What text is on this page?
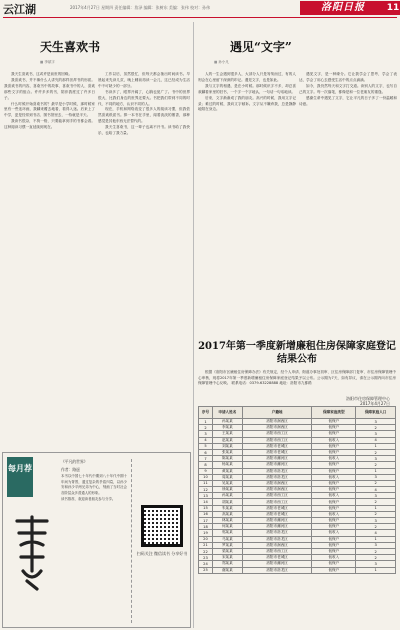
云江湖	2017年4月27日 星期四 责任编辑：詹泽 编辑：张树东 美编：张伟 校对：孙伟	洛阳日报	11
天生喜欢书
■ 李斌宇

我天生喜欢书，这或许是前世的因缘。

我喜欢书，并不像什么人讲究的那样崇拜书的形质。我喜欢书的内容，喜欢书中的故事、喜欢书中的人、喜欢那些文字的组合。许许多多的书，陪伴我度过了许多日子。

什么时候开始喜欢书的？最早是小学时候，那时候家里有一些连环画，我翻来覆去地看，看得入迷。后来上了中学，更是经常到书店、图书馆里去，一待就是半天。

我读书很杂，不拘一格，只要能拿到手的书都会看。这种阅读习惯一直延续到现在。

工作以后，虽然很忙，但每天都会抽出时间读书。早晨起来先读几页，晚上睡前再读一会儿，这已经成为生活中不可缺少的一部分。

书读多了，眼界开阔了，心胸也宽广了。书中的世界很大，比我们身边的世界还要大。书把我们带到不同的时代、不同的地方，认识不同的人。

现在，手机和网络改变了很多人的阅读习惯，但我依然喜欢纸质书。捧一本书在手里，闻着淡淡的墨香，那种感觉是其他东西无法替代的。

我天生喜欢书，这一辈子也离不开书。读书给了我快乐，也给了我力量。

遇见“文字”
■ 孙小凡

人的一生会遇到很多人，大部分人只是匆匆而过，有的人则会在心里留下深深的印记。遇见文字，也是如此。

我与文字的相遇，是在小时候。那时候识字不多，却总喜欢翻看家里的旧书，一个字一个字地认，一句话一句话地读。

后来，文字渐渐成了我的朋友。高兴的时候，我用文字记录；难过的时候，我向文字倾诉。文字从不嫌弃我，总是静静地陪在身边。

遇见文字，是一种缘分。它让我学会了思考，学会了表达，学会了用心去感受生活中的点点滴滴。

如今，我仍然每天和文字打交道。读别人的文字，也写自己的文字。每一次落笔，都像是和一位老朋友的重逢。

感谢生命中遇见了文字，它让平凡的日子多了一份温暖和诗意。

每月荐

《平凡的世界》

作者：路遥

本书以中国七十年代中期到八十年代中期十年间为背景，通过复杂的矛盾纠葛，以孙少安和孙少平两兄弟为中心，刻画了当时社会各阶层众多普通人的形象。

读书推荐，欢迎读者朋友参与分享。

扫码关注 微信读书 分享好书
2017年第一季度新增廉租住房保障家庭登记结果公布
根据《洛阳市区廉租住房保障办法》有关规定，经个人申请、街道办事处初审、区住房保障部门复审、市住房保障管理中心审核，现将2017年第一季度新增廉租住房保障家庭登记结果予以公布。公示期为7天，如有异议，请在公示期内向市住房保障管理中心反映。 联系电话：0379-63228888 地址：洛阳市九都路
洛阳市住房保障管理中心
2017年4月27日
序号	申请人姓名	户籍地	保障家庭类型	保障家庭人口
1	孙某某	洛阳市涧西区	低保户	3
2	李某某	洛阳市涧西区	低保户	2
3	王某某	洛阳市西工区	低保户	3
4	赵某某	洛阳市西工区	低收入	4
5	刘某某	洛阳市老城区	低保户	1
6	张某某	洛阳市老城区	低保户	2
7	陈某某	洛阳市瀍河区	低收入	3
8	杨某某	洛阳市瀍河区	低保户	2
9	黄某某	洛阳市洛龙区	低保户	1
10	周某某	洛阳市洛龙区	低收入	3
11	吴某某	洛阳市涧西区	低保户	2
12	徐某某	洛阳市涧西区	低保户	4
13	孙某某	洛阳市西工区	低收入	3
14	胡某某	洛阳市西工区	低保户	2
15	朱某某	洛阳市老城区	低保户	1
16	高某某	洛阳市老城区	低收入	2
17	林某某	洛阳市瀍河区	低保户	3
18	何某某	洛阳市瀍河区	低保户	2
19	郭某某	洛阳市洛龙区	低收入	4
20	马某某	洛阳市洛龙区	低保户	1
21	罗某某	洛阳市涧西区	低保户	3
22	梁某某	洛阳市西工区	低保户	2
23	宋某某	洛阳市老城区	低收入	2
24	郑某某	洛阳市瀍河区	低保户	3
25	谢某某	洛阳市洛龙区	低保户	1
